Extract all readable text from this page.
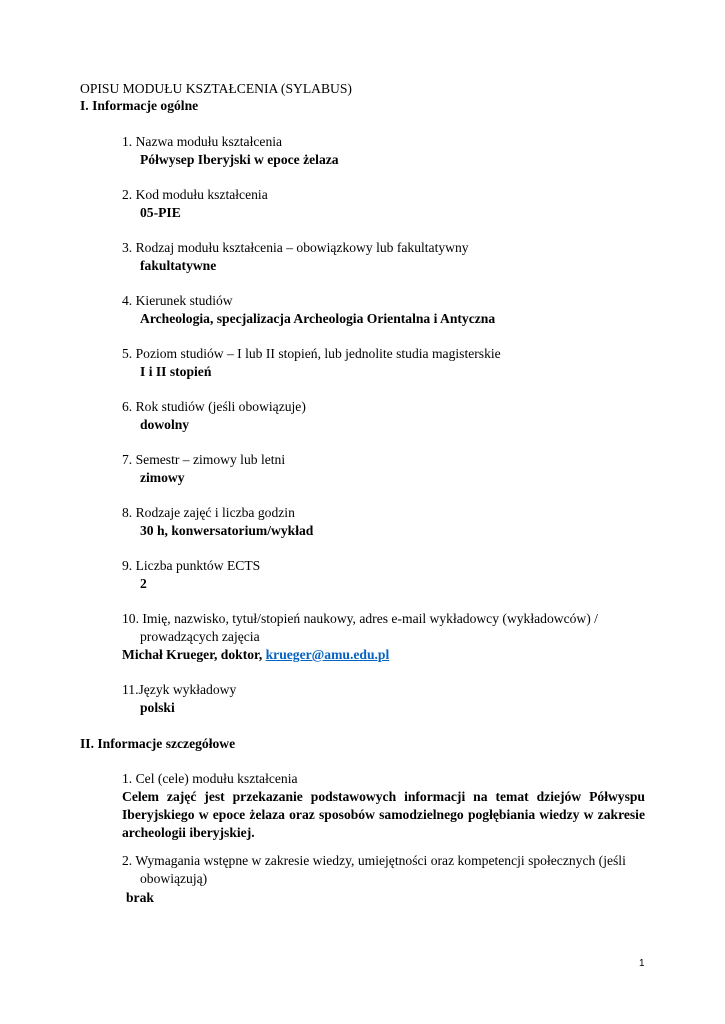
OPISU MODUŁU KSZTAŁCENIA (SYLABUS)
I. Informacje ogólne
1. Nazwa modułu kształcenia
Półwysep Iberyjski w epoce żelaza
2. Kod modułu kształcenia
05-PIE
3. Rodzaj modułu kształcenia – obowiązkowy lub fakultatywny
fakultatywne
4. Kierunek studiów
Archeologia, specjalizacja Archeologia Orientalna i Antyczna
5. Poziom studiów – I lub II stopień, lub jednolite studia magisterskie
I i II stopień
6. Rok studiów (jeśli obowiązuje)
dowolny
7. Semestr – zimowy lub letni
zimowy
8. Rodzaje zajęć i liczba godzin
30 h, konwersatorium/wykład
9. Liczba punktów ECTS
2
10. Imię, nazwisko, tytuł/stopień naukowy, adres e-mail wykładowcy (wykładowców) /
prowadzących zajęcia
Michał Krueger, doktor, krueger@amu.edu.pl
11.Język wykładowy
polski
II. Informacje szczegółowe
1. Cel (cele) modułu kształcenia
Celem zajęć jest przekazanie podstawowych informacji na temat dziejów Półwyspu Iberyjskiego w epoce żelaza oraz sposobów samodzielnego pogłębiania wiedzy w zakresie archeologii iberyjskiej.
2. Wymagania wstępne w zakresie wiedzy, umiejętności oraz kompetencji społecznych (jeśli
obowiązują)
brak
1
